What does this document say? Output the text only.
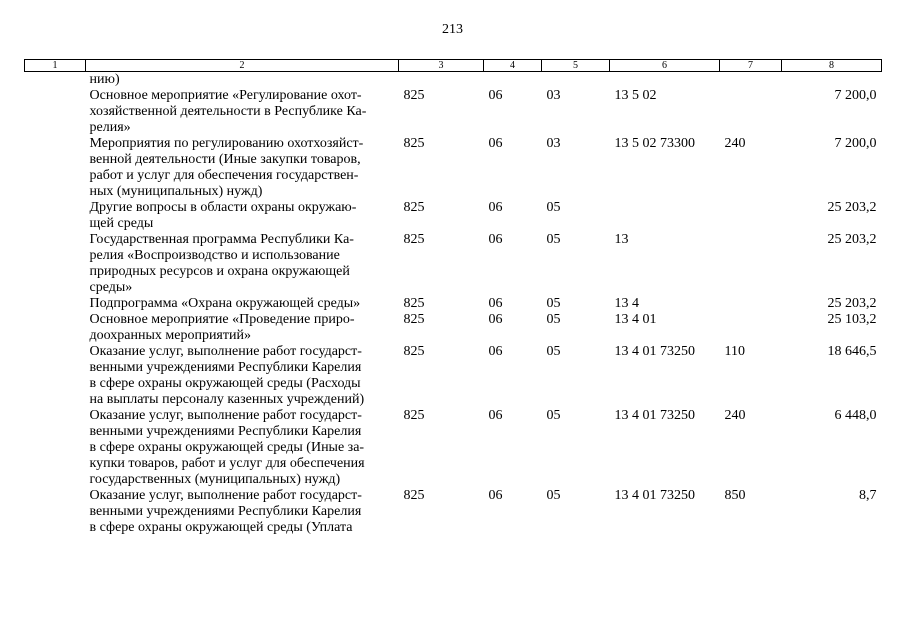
213
1	2	3	4	5	6	7	8

	нию)						

	Основное мероприятие «Регулирование охот-
хозяйственной деятельности в Республике Ка-
релия»	825	06	03	13 5 02		7 200,0

	Мероприятия по регулированию охотхозяйст-
венной деятельности (Иные закупки товаров,
работ и услуг для обеспечения государствен-
ных (муниципальных) нужд)	825	06	03	13 5 02 73300	240	7 200,0

	Другие вопросы в области охраны окружаю-
щей среды	825	06	05			25 203,2

	Государственная программа Республики Ка-
релия «Воспроизводство и использование
природных ресурсов и охрана окружающей
среды»	825	06	05	13		25 203,2

	Подпрограмма «Охрана окружающей среды»	825	06	05	13 4		25 203,2

	Основное мероприятие «Проведение приро-
доохранных мероприятий»	825	06	05	13 4 01		25 103,2

	Оказание услуг, выполнение работ государст-
венными учреждениями Республики Карелия
в сфере охраны окружающей среды (Расходы
на выплаты персоналу казенных учреждений)	825	06	05	13 4 01 73250	110	18 646,5

	Оказание услуг, выполнение работ государст-
венными учреждениями Республики Карелия
в сфере охраны окружающей среды (Иные за-
купки товаров, работ и услуг для обеспечения
государственных (муниципальных) нужд)	825	06	05	13 4 01 73250	240	6 448,0

	Оказание услуг, выполнение работ государст-
венными учреждениями Республики Карелия
в сфере охраны окружающей среды (Уплата	825	06	05	13 4 01 73250	850	8,7
